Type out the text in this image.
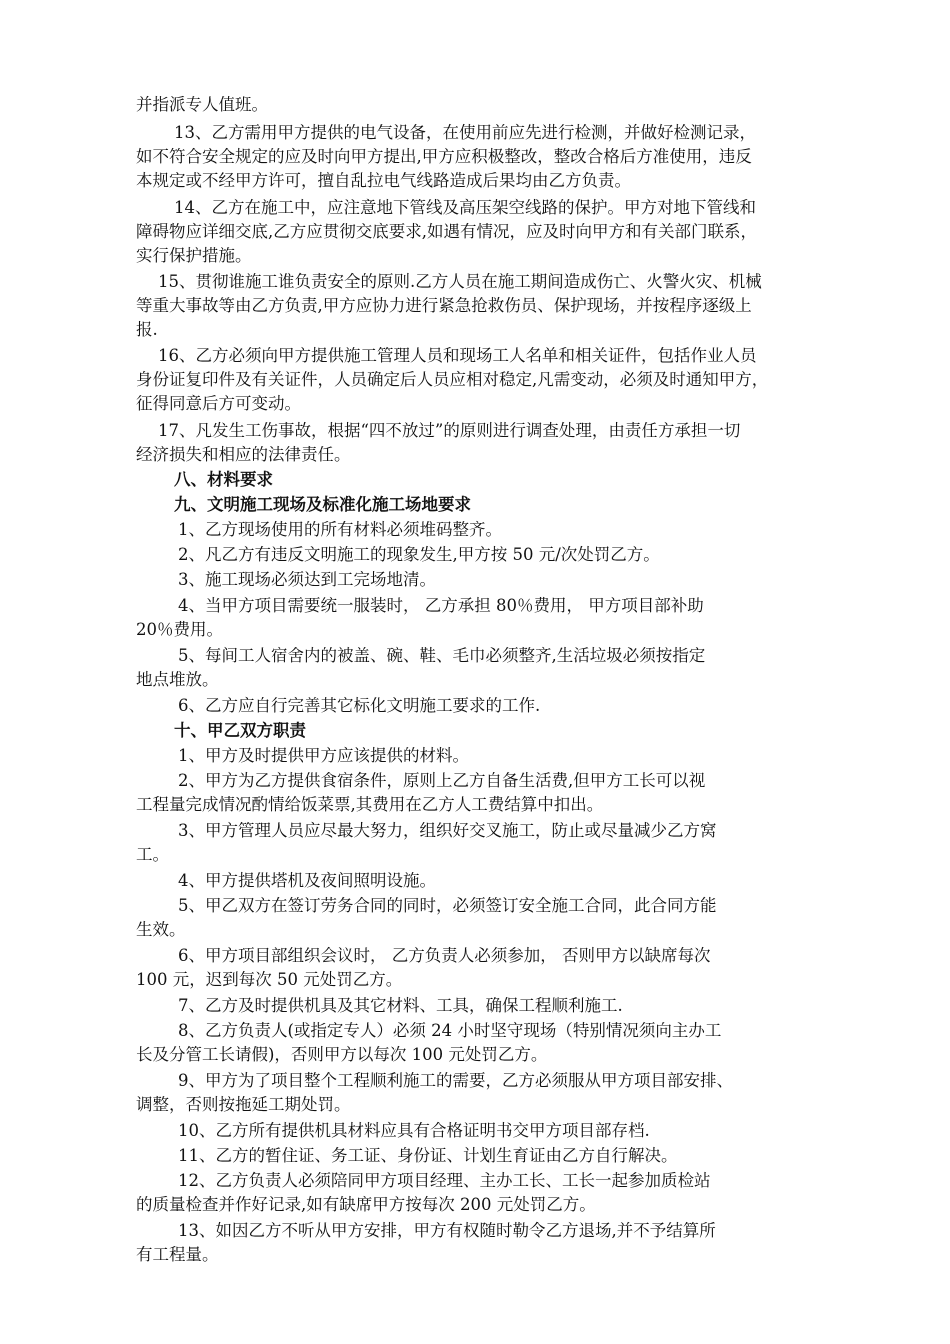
并指派专人值班。
13、乙方需用甲方提供的电气设备，在使用前应先进行检测，并做好检测记录，
如不符合安全规定的应及时向甲方提出,甲方应积极整改，整改合格后方准使用，违反
本规定或不经甲方许可，擅自乱拉电气线路造成后果均由乙方负责。
14、乙方在施工中，应注意地下管线及高压架空线路的保护。甲方对地下管线和
障碍物应详细交底,乙方应贯彻交底要求,如遇有情况，应及时向甲方和有关部门联系，
实行保护措施。
15、贯彻谁施工谁负责安全的原则.乙方人员在施工期间造成伤亡、火警火灾、机械
等重大事故等由乙方负责,甲方应协力进行紧急抢救伤员、保护现场，并按程序逐级上
报.
16、乙方必须向甲方提供施工管理人员和现场工人名单和相关证件，包括作业人员
身份证复印件及有关证件，人员确定后人员应相对稳定,凡需变动，必须及时通知甲方，
征得同意后方可变动。
17、凡发生工伤事故，根据“四不放过”的原则进行调查处理，由责任方承担一切
经济损失和相应的法律责任。
八、材料要求
九、文明施工现场及标准化施工场地要求
1、乙方现场使用的所有材料必须堆码整齐。
2、凡乙方有违反文明施工的现象发生,甲方按 50 元/次处罚乙方。
3、施工现场必须达到工完场地清。
4、当甲方项目需要统一服装时， 乙方承担 80％费用， 甲方项目部补助
20％费用。
5、每间工人宿舍内的被盖、碗、鞋、毛巾必须整齐,生活垃圾必须按指定
地点堆放。
6、乙方应自行完善其它标化文明施工要求的工作.
十、甲乙双方职责
1、甲方及时提供甲方应该提供的材料。
2、甲方为乙方提供食宿条件，原则上乙方自备生活费,但甲方工长可以视
工程量完成情况酌情给饭菜票,其费用在乙方人工费结算中扣出。
3、甲方管理人员应尽最大努力，组织好交叉施工，防止或尽量减少乙方窝
工。
4、甲方提供塔机及夜间照明设施。
5、甲乙双方在签订劳务合同的同时，必须签订安全施工合同，此合同方能
生效。
6、甲方项目部组织会议时， 乙方负责人必须参加， 否则甲方以缺席每次
100 元，迟到每次 50 元处罚乙方。
7、乙方及时提供机具及其它材料、工具，确保工程顺利施工.
8、乙方负责人(或指定专人）必须 24 小时坚守现场（特别情况须向主办工
长及分管工长请假)，否则甲方以每次 100 元处罚乙方。
9、甲方为了项目整个工程顺利施工的需要，乙方必须服从甲方项目部安排、
调整，否则按拖延工期处罚。
10、乙方所有提供机具材料应具有合格证明书交甲方项目部存档.
11、乙方的暂住证、务工证、身份证、计划生育证由乙方自行解决。
12、乙方负责人必须陪同甲方项目经理、主办工长、工长一起参加质检站
的质量检查并作好记录,如有缺席甲方按每次 200 元处罚乙方。
13、如因乙方不听从甲方安排，甲方有权随时勒令乙方退场,并不予结算所
有工程量。
